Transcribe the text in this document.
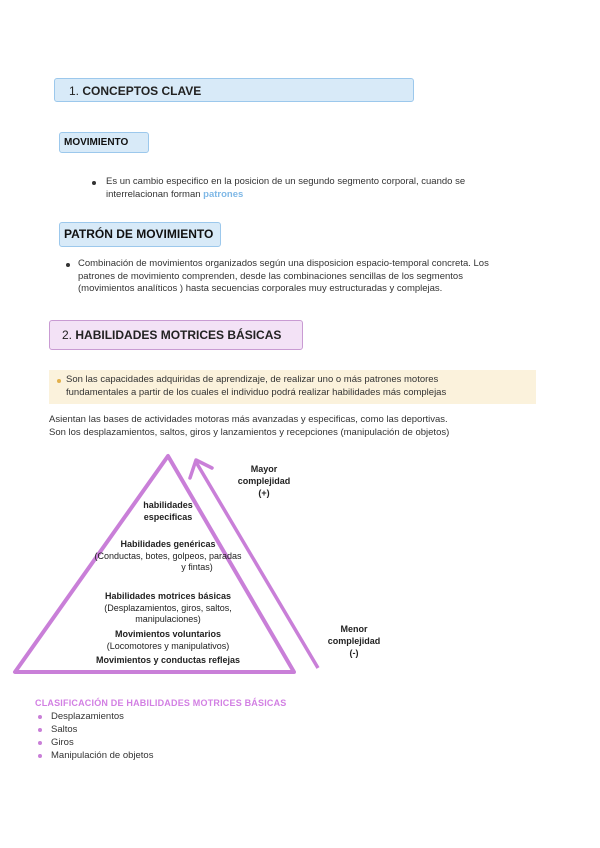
1. CONCEPTOS CLAVE
MOVIMIENTO
Es un cambio especifico en la posicion de un segundo segmento corporal, cuando se
interrelacionan forman patrones
PATRÓN DE MOVIMIENTO
Combinación de movimientos organizados según una disposicion espacio-temporal concreta. Los
patrones de movimiento comprenden, desde las combinaciones sencillas de los segmentos
(movimientos analíticos ) hasta secuencias corporales muy estructuradas y complejas.
2. HABILIDADES MOTRICES BÁSICAS
Son las capacidades adquiridas de aprendizaje, de realizar uno o más patrones motores
fundamentales a partir de los cuales el individuo podrá realizar habilidades más complejas
Asientan las bases de actividades motoras más avanzadas y especificas, como las deportivas.
Son los desplazamientos, saltos, giros y lanzamientos y recepciones (manipulación de objetos)
habilidades
especificas
Habilidades genéricas
(Conductas, botes, golpeos, paradas
y fintas)
Habilidades motrices básicas
(Desplazamientos, giros, saltos,
manipulaciones)
Movimientos voluntarios
(Locomotores y manipulativos)
Movimientos y conductas reflejas
Mayor
complejidad
(+)
Menor
complejidad
(-)
CLASIFICACIÓN DE HABILIDADES MOTRICES BÁSICAS
Desplazamientos
Saltos
Giros
Manipulación de objetos
